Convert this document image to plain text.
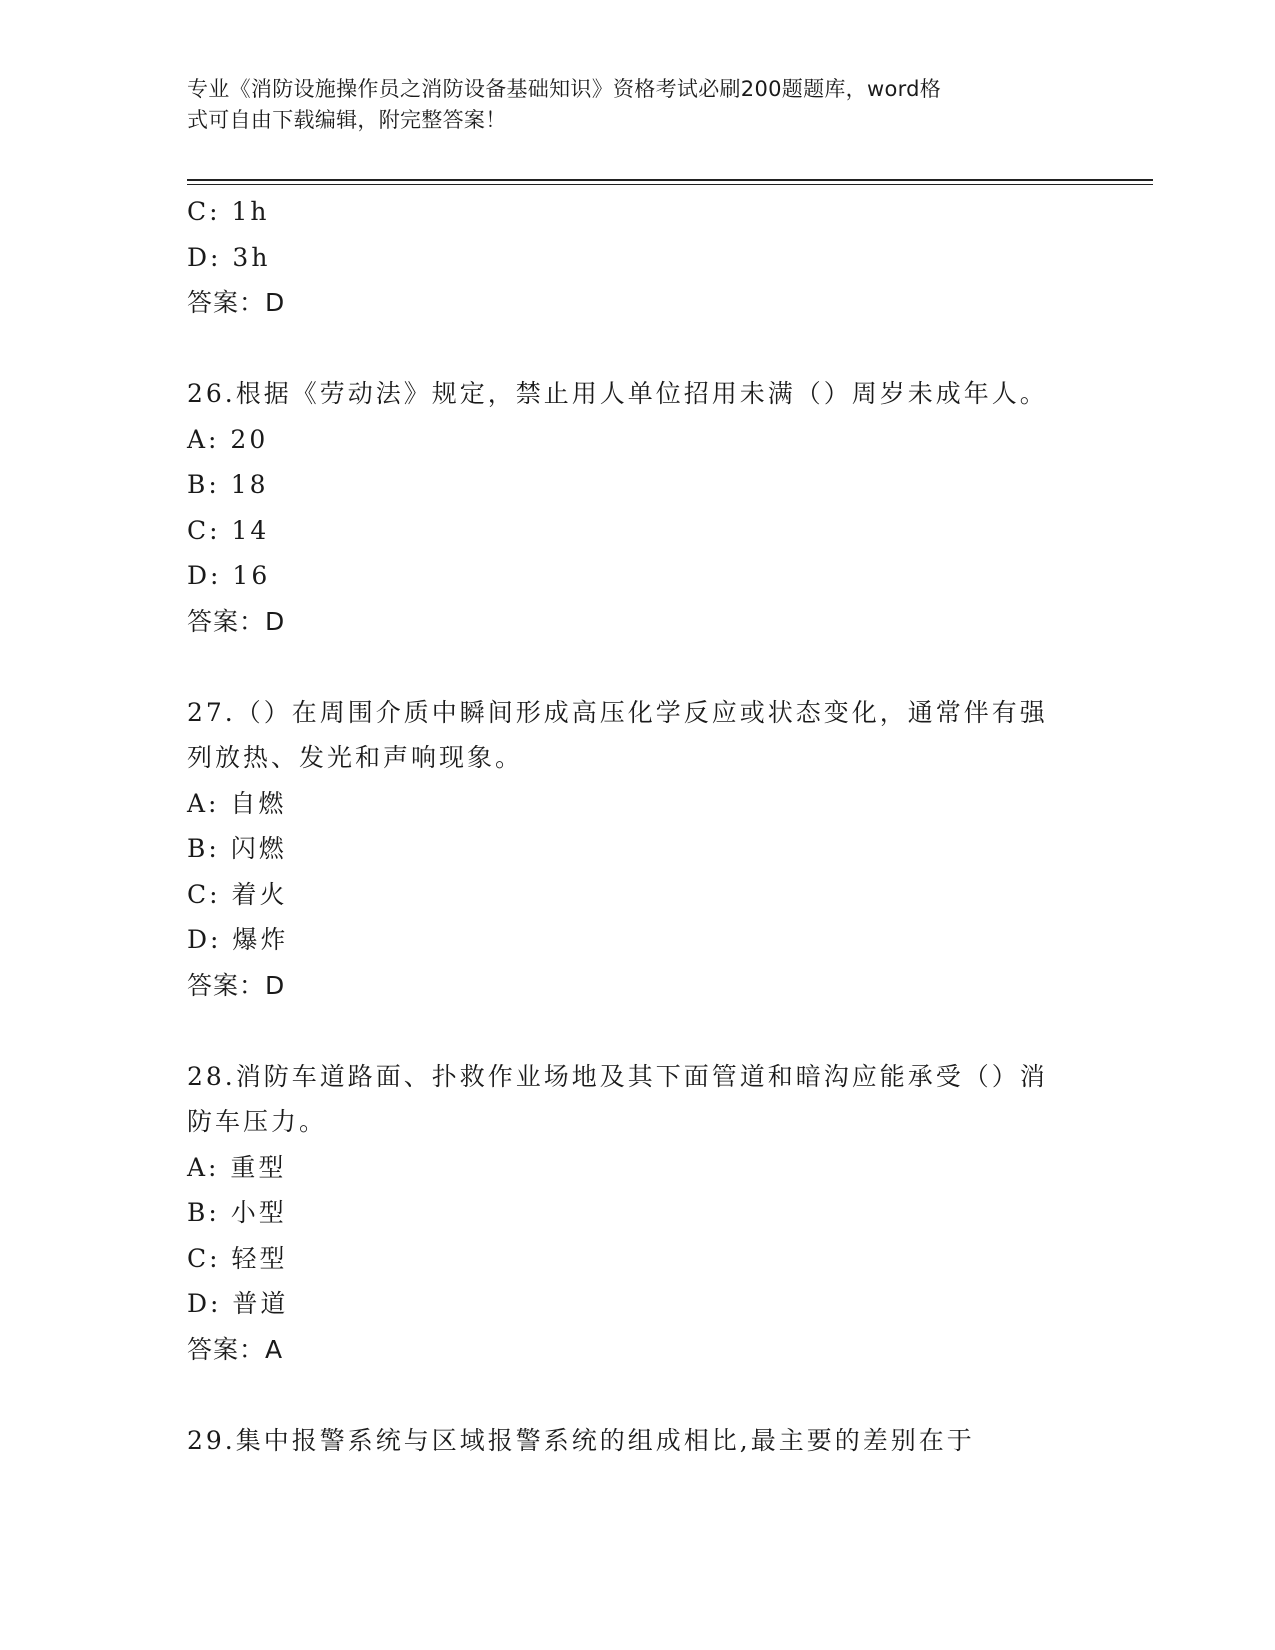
专业《消防设施操作员之消防设备基础知识》资格考试必刷200题题库，word格
式可自由下载编辑，附完整答案！
C: 1h
D: 3h
答案：D
26.根据《劳动法》规定，禁止用人单位招用未满（）周岁未成年人。
A: 20
B: 18
C: 14
D: 16
答案：D
27.（）在周围介质中瞬间形成高压化学反应或状态变化，通常伴有强
列放热、发光和声响现象。
A: 自燃
B: 闪燃
C: 着火
D: 爆炸
答案：D
28.消防车道路面、扑救作业场地及其下面管道和暗沟应能承受（）消
防车压力。
A: 重型
B: 小型
C: 轻型
D: 普道
答案：A
29.集中报警系统与区域报警系统的组成相比,最主要的差别在于
